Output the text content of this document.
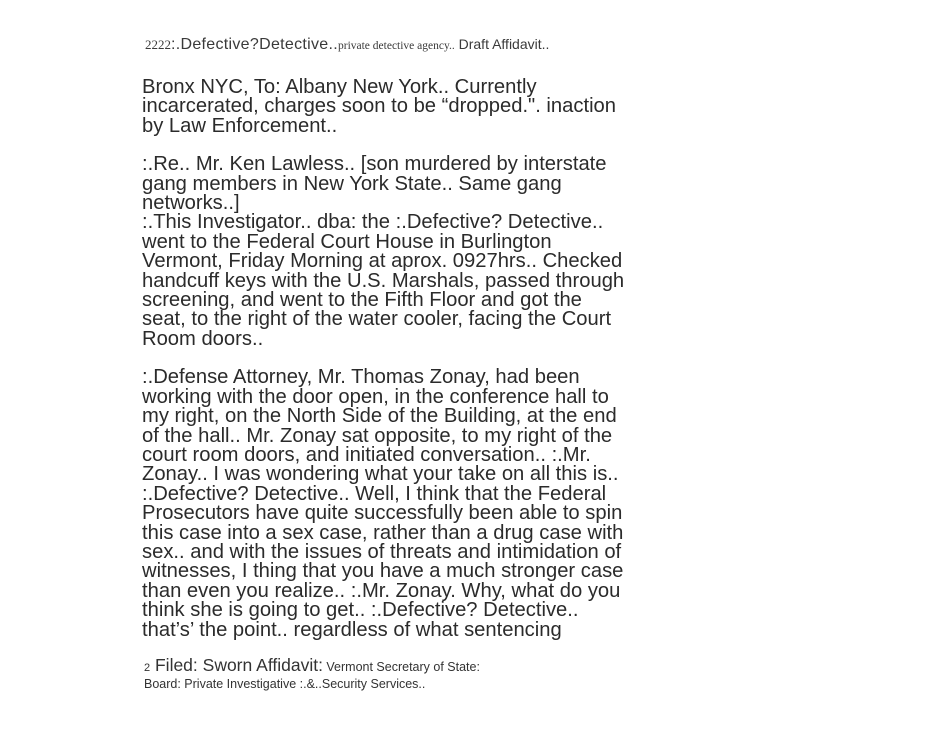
2222:.Defective?Detective..private detective agency.. Draft Affidavit..

Bronx NYC, To: Albany New York.. Currently
incarcerated, charges soon to be “dropped.". inaction
by Law Enforcement..

:.Re.. Mr. Ken Lawless.. [son murdered by interstate
gang members in New York State.. Same gang
networks..]
:.This Investigator.. dba: the :.Defective? Detective..
went to the Federal Court House in Burlington
Vermont, Friday Morning at aprox. 0927hrs.. Checked
handcuff keys with the U.S. Marshals, passed through
screening, and went to the Fifth Floor and got the
seat, to the right of the water cooler, facing the Court
Room doors..

:.Defense Attorney, Mr. Thomas Zonay, had been
working with the door open, in the conference hall to
my right, on the North Side of the Building, at the end
of the hall.. Mr. Zonay sat opposite, to my right of the
court room doors, and initiated conversation.. :.Mr.
Zonay.. I was wondering what your take on all this is..
:.Defective? Detective.. Well, I think that the Federal
Prosecutors have quite successfully been able to spin
this case into a sex case, rather than a drug case with
sex.. and with the issues of threats and intimidation of
witnesses, I thing that you have a much stronger case
than even you realize.. :.Mr. Zonay. Why, what do you
think she is going to get.. :.Defective? Detective..
that’s’ the point.. regardless of what sentencing

2 Filed: Sworn Affidavit: Vermont Secretary of State:
Board: Private Investigative :.&..Security Services..
